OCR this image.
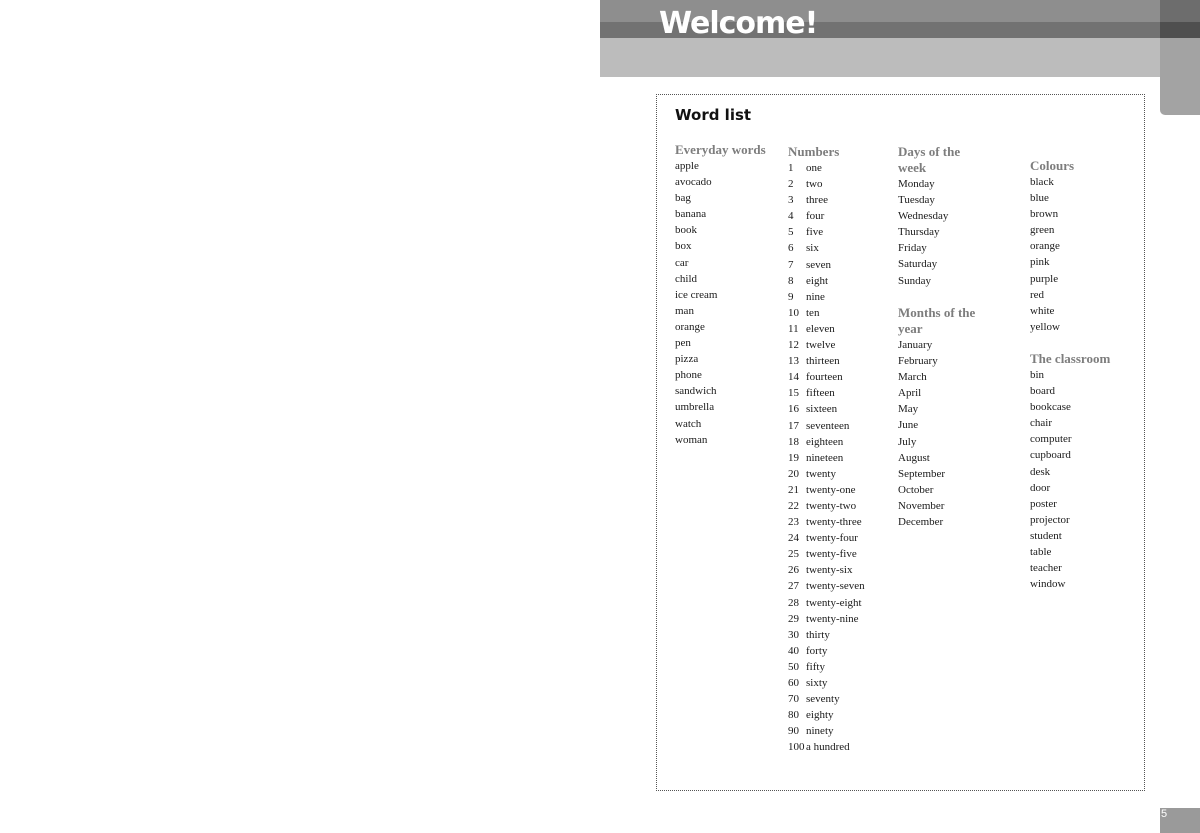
Welcome!
Word list
Everyday words
apple
avocado
bag
banana
book
box
car
child
ice cream
man
orange
pen
pizza
phone
sandwich
umbrella
watch
woman
Numbers
1	one
2	two
3	three
4	four
5	five
6	six
7	seven
8	eight
9	nine
10 ten
11 eleven
12 twelve
13 thirteen
14 fourteen
15 fifteen
16 sixteen
17 seventeen
18 eighteen
19 nineteen
20 twenty
21 twenty-one
22 twenty-two
23 twenty-three
24 twenty-four
25 twenty-five
26 twenty-six
27 twenty-seven
28 twenty-eight
29 twenty-nine
30 thirty
40 forty
50 fifty
60 sixty
70 seventy
80 eighty
90 ninety
100 a hundred
Days of the week
Monday
Tuesday
Wednesday
Thursday
Friday
Saturday
Sunday
Months of the year
January
February
March
April
May
June
July
August
September
October
November
December
Colours
black
blue
brown
green
orange
pink
purple
red
white
yellow
The classroom
bin
board
bookcase
chair
computer
cupboard
desk
door
poster
projector
student
table
teacher
window
5
